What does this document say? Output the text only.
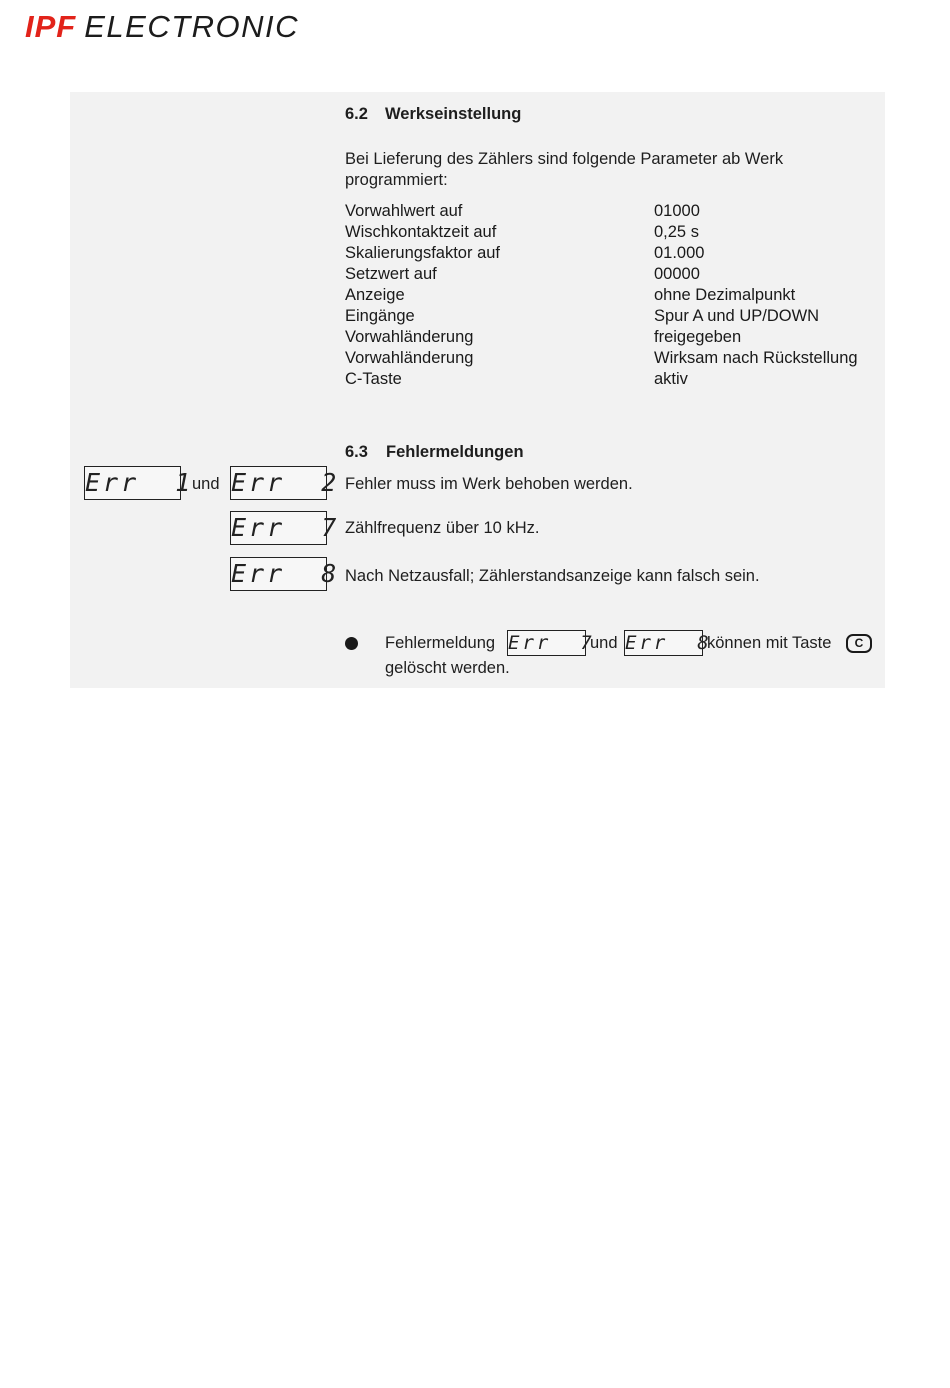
IPF ELECTRONIC
6.2 Werkseinstellung
Bei Lieferung des Zählers sind folgende Parameter ab Werk
programmiert:
Vorwahlwert auf	01000
Wischkontaktzeit auf	0,25 s
Skalierungsfaktor auf	01.000
Setzwert auf	00000
Anzeige	ohne Dezimalpunkt
Eingänge	Spur A und UP/DOWN
Vorwahländerung	freigegeben
Vorwahländerung	Wirksam nach Rückstellung
C-Taste	aktiv
6.3 Fehlermeldungen
Err  1
und Err  2 Fehler muss im Werk behoben werden.
Err  7 Zählfrequenz über 10 kHz.
Err  8 Nach Netzausfall; Zählerstandsanzeige kann falsch sein.
Fehlermeldung Err  7
und Err  8
können mit Taste	C
gelöscht werden.
